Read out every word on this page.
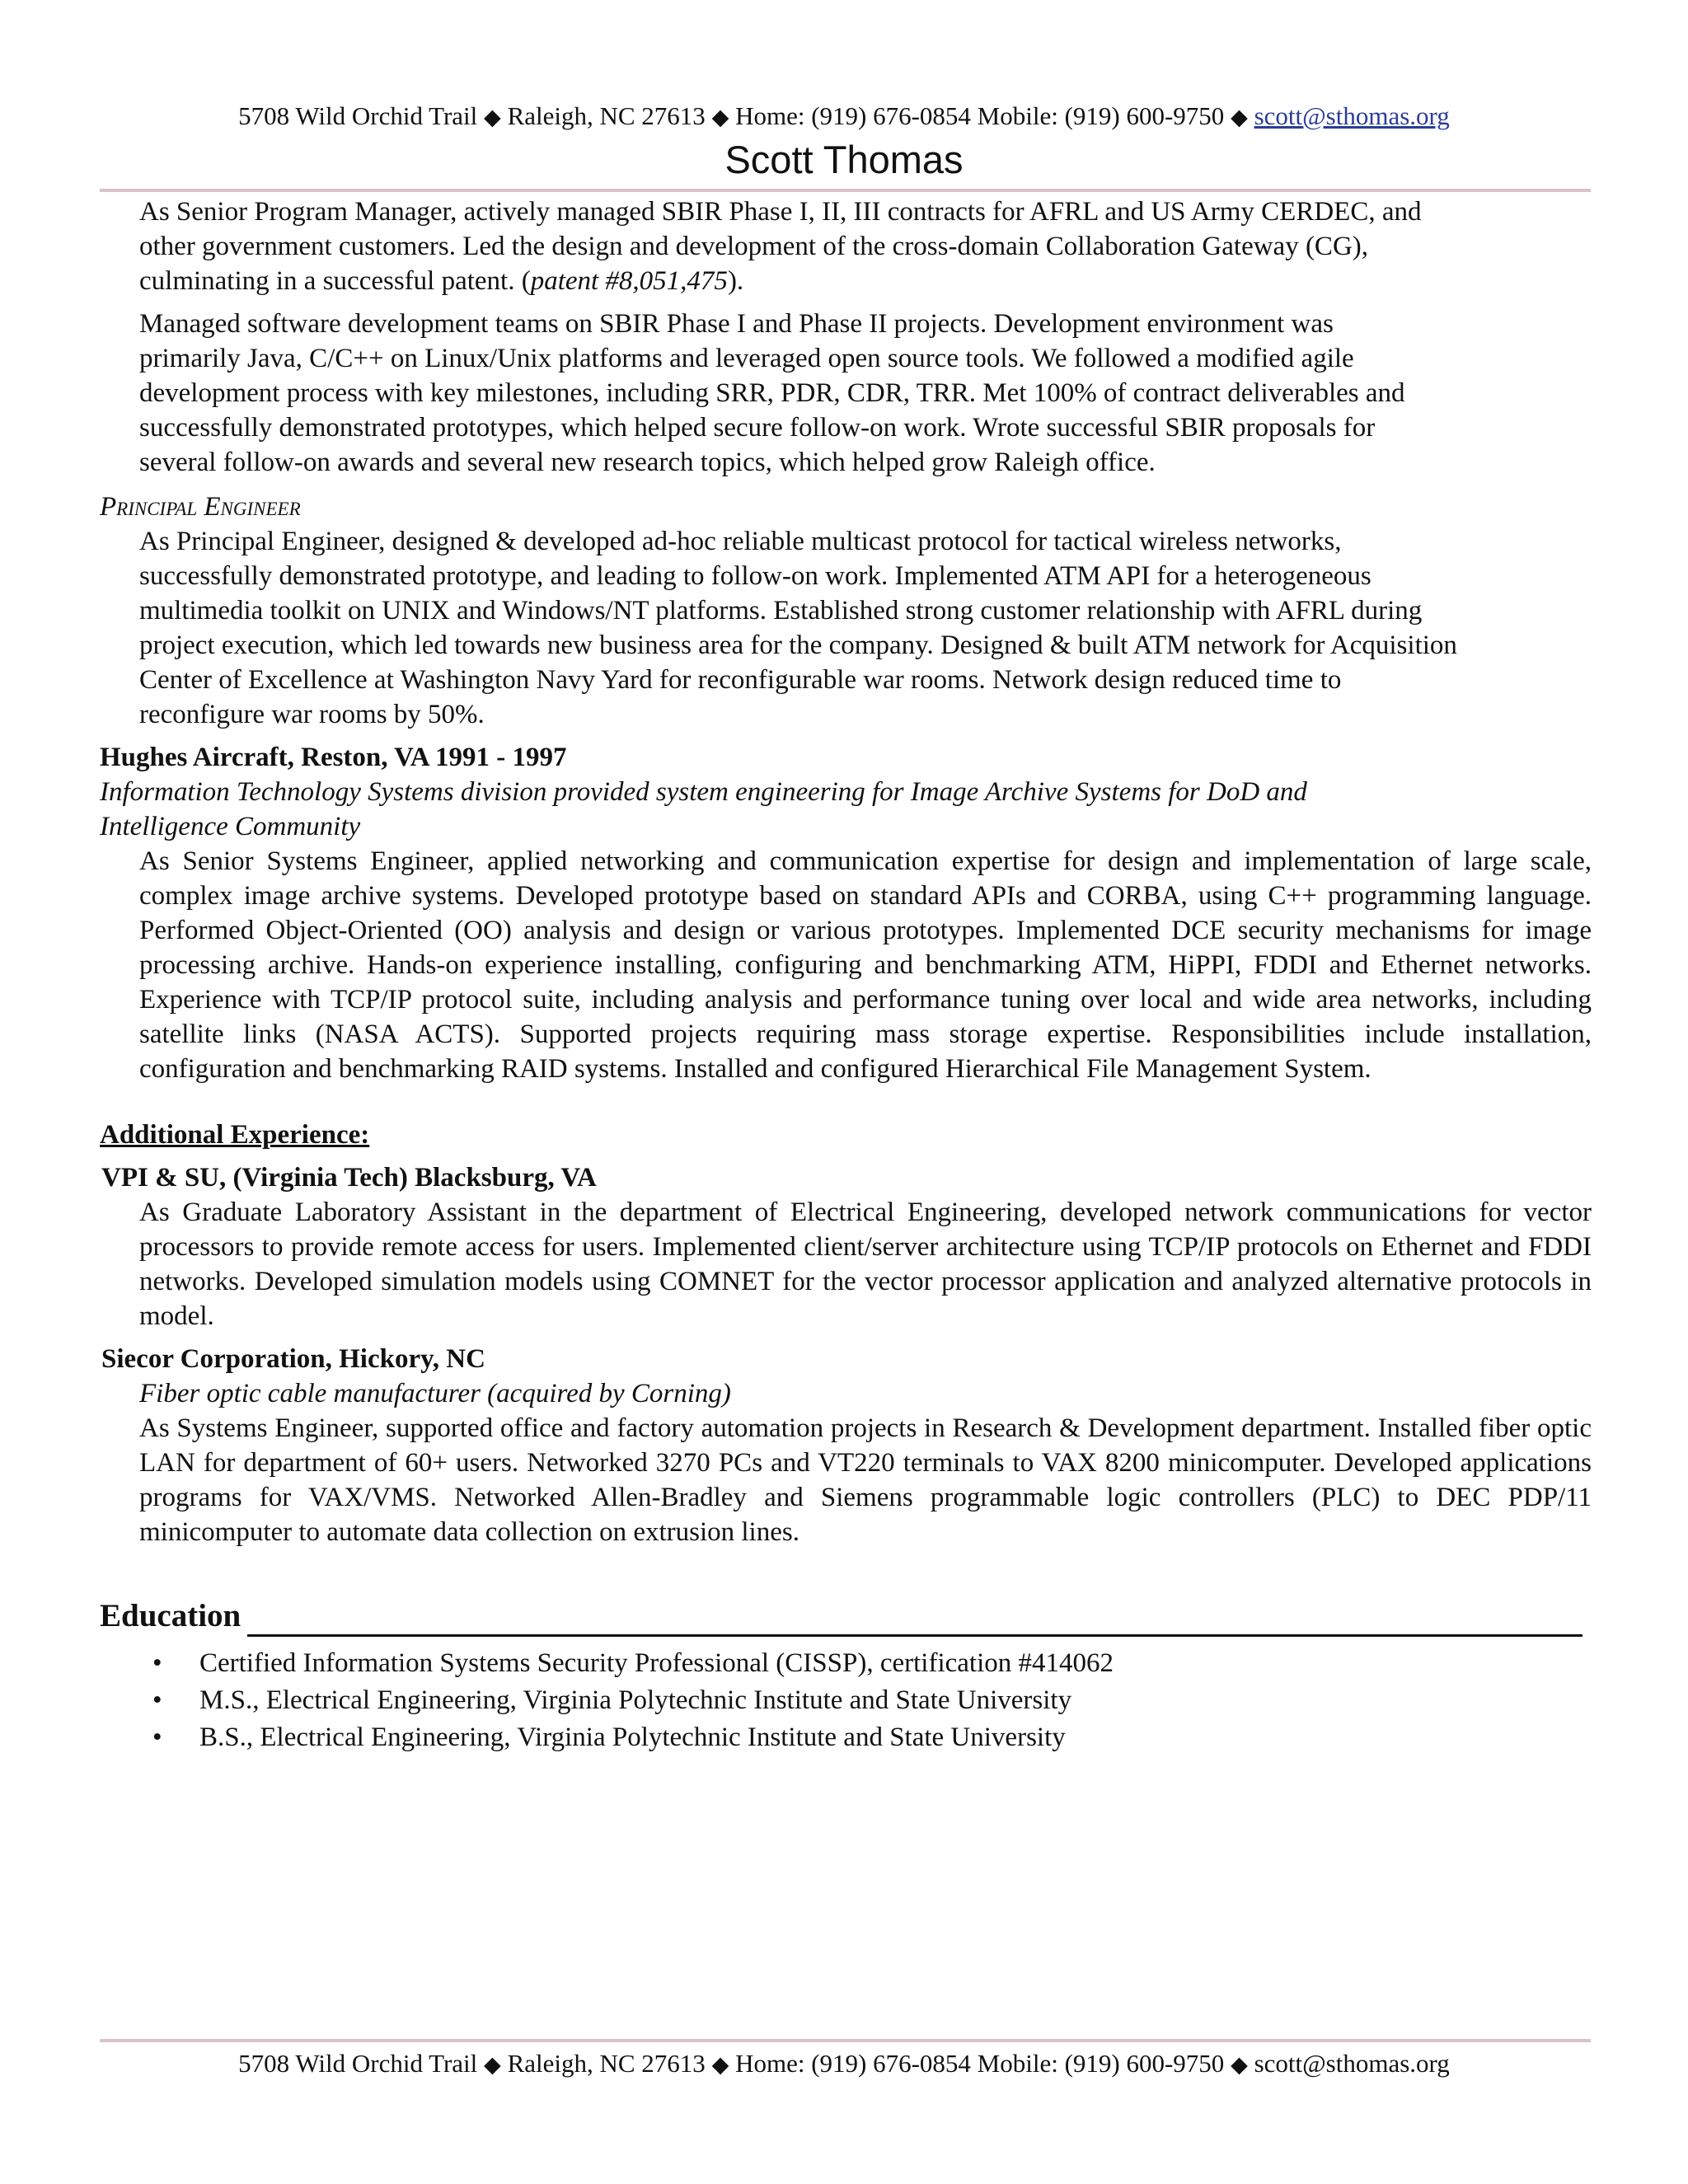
5708 Wild Orchid Trail ◆ Raleigh, NC 27613 ◆ Home: (919) 676-0854 Mobile: (919) 600-9750 ◆ scott@sthomas.org
Scott Thomas

As Senior Program Manager, actively managed SBIR Phase I, II, III contracts for AFRL and US Army CERDEC, and
other government customers. Led the design and development of the cross-domain Collaboration Gateway (CG),
culminating in a successful patent. (patent #8,051,475).

Managed software development teams on SBIR Phase I and Phase II projects. Development environment was
primarily Java, C/C++ on Linux/Unix platforms and leveraged open source tools. We followed a modified agile
development process with key milestones, including SRR, PDR, CDR, TRR. Met 100% of contract deliverables and
successfully demonstrated prototypes, which helped secure follow-on work. Wrote successful SBIR proposals for
several follow-on awards and several new research topics, which helped grow Raleigh office.

Principal Engineer

As Principal Engineer, designed & developed ad-hoc reliable multicast protocol for tactical wireless networks,
successfully demonstrated prototype, and leading to follow-on work. Implemented ATM API for a heterogeneous
multimedia toolkit on UNIX and Windows/NT platforms. Established strong customer relationship with AFRL during
project execution, which led towards new business area for the company. Designed & built ATM network for Acquisition
Center of Excellence at Washington Navy Yard for reconfigurable war rooms. Network design reduced time to
reconfigure war rooms by 50%.

Hughes Aircraft, Reston, VA 1991 - 1997

Information Technology Systems division provided system engineering for Image Archive Systems for DoD and
Intelligence Community

As Senior Systems Engineer, applied networking and communication expertise for design and implementation of large scale, complex image archive systems. Developed prototype based on standard APIs and CORBA, using C++ programming language. Performed Object-Oriented (OO) analysis and design or various prototypes. Implemented DCE security mechanisms for image processing archive. Hands-on experience installing, configuring and benchmarking ATM, HiPPI, FDDI and Ethernet networks. Experience with TCP/IP protocol suite, including analysis and performance tuning over local and wide area networks, including satellite links (NASA ACTS). Supported projects requiring mass storage expertise. Responsibilities include installation, configuration and benchmarking RAID systems. Installed and configured Hierarchical File Management System.

Additional Experience:
VPI & SU, (Virginia Tech) Blacksburg, VA

As Graduate Laboratory Assistant in the department of Electrical Engineering, developed network communications for vector processors to provide remote access for users. Implemented client/server architecture using TCP/IP protocols on Ethernet and FDDI networks. Developed simulation models using COMNET for the vector processor application and analyzed alternative protocols in model.

Siecor Corporation, Hickory, NC

Fiber optic cable manufacturer (acquired by Corning)

As Systems Engineer, supported office and factory automation projects in Research & Development department. Installed fiber optic LAN for department of 60+ users. Networked 3270 PCs and VT220 terminals to VAX 8200 minicomputer. Developed applications programs for VAX/VMS. Networked Allen-Bradley and Siemens programmable logic controllers (PLC) to DEC PDP/11 minicomputer to automate data collection on extrusion lines.

Education
• Certified Information Systems Security Professional (CISSP), certification #414062
• M.S., Electrical Engineering, Virginia Polytechnic Institute and State University
• B.S., Electrical Engineering, Virginia Polytechnic Institute and State University
5708 Wild Orchid Trail ◆ Raleigh, NC 27613 ◆ Home: (919) 676-0854 Mobile: (919) 600-9750 ◆ scott@sthomas.org
